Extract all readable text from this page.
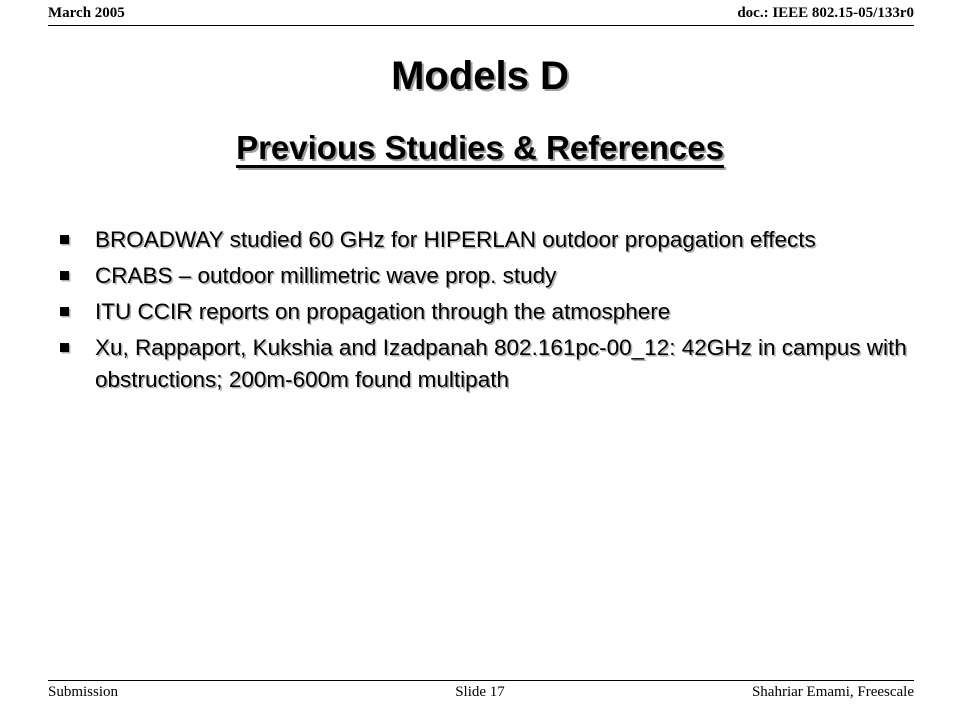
March 2005	doc.: IEEE 802.15-05/133r0
Models D
Previous Studies & References
BROADWAY studied 60 GHz for HIPERLAN outdoor propagation effects
CRABS – outdoor millimetric wave prop. study
ITU CCIR reports on propagation through the atmosphere
Xu, Rappaport, Kukshia and Izadpanah 802.161pc-00_12: 42GHz in campus with obstructions; 200m-600m found multipath
Submission	Slide 17	Shahriar Emami, Freescale
